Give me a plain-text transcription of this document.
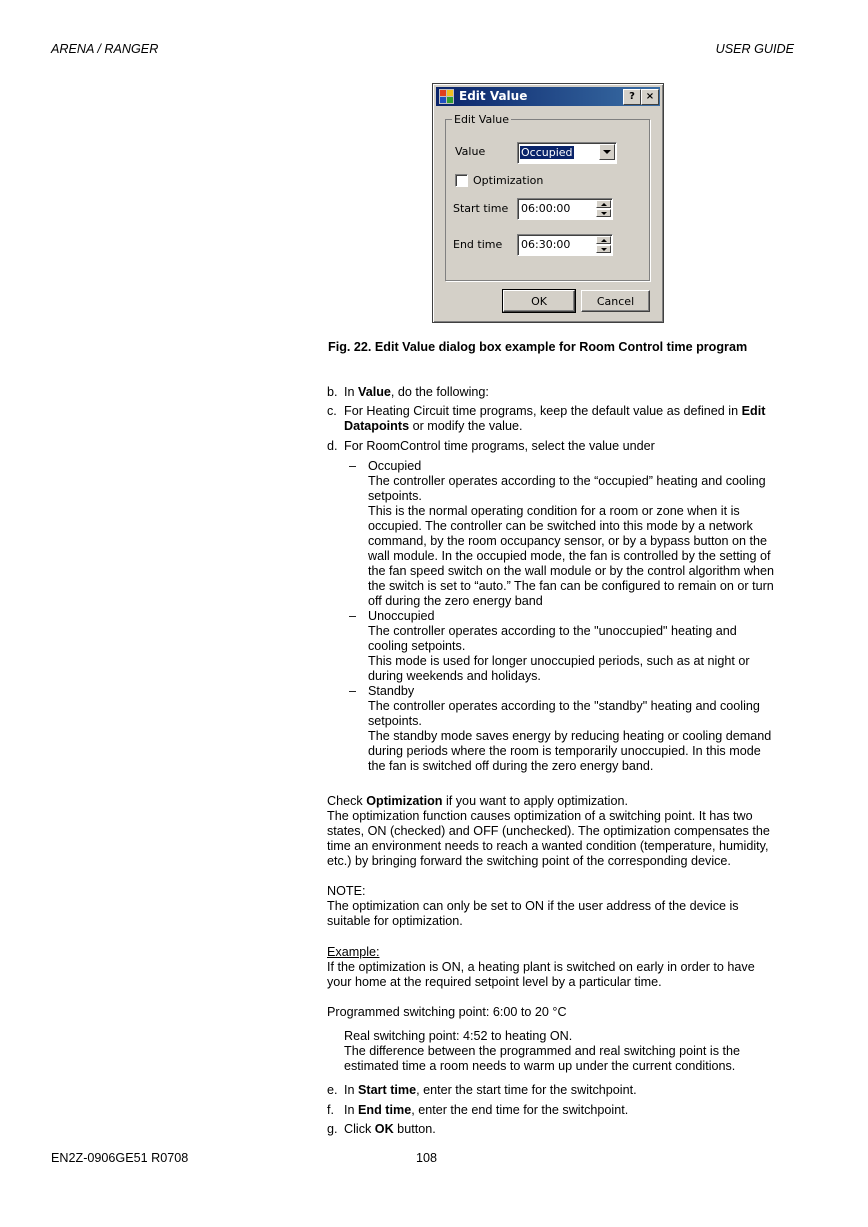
ARENA / RANGER	USER GUIDE
Edit Value	?	×
Edit Value
Value	Occupied
Optimization
Start time 06:00:00
End time 06:30:00
OK	Cancel
Fig. 22. Edit Value dialog box example for Room Control time program
b. In Value, do the following:
c. For Heating Circuit time programs, keep the default value as defined in Edit
Datapoints or modify the value.
d. For RoomControl time programs, select the value under
– Occupied
The controller operates according to the “occupied” heating and cooling
setpoints.
This is the normal operating condition for a room or zone when it is
occupied. The controller can be switched into this mode by a network
command, by the room occupancy sensor, or by a bypass button on the
wall module. In the occupied mode, the fan is controlled by the setting of
the fan speed switch on the wall module or by the control algorithm when
the switch is set to “auto.” The fan can be configured to remain on or turn
off during the zero energy band
– Unoccupied
The controller operates according to the "unoccupied" heating and
cooling setpoints.
This mode is used for longer unoccupied periods, such as at night or
during weekends and holidays.
– Standby
The controller operates according to the "standby" heating and cooling
setpoints.
The standby mode saves energy by reducing heating or cooling demand
during periods where the room is temporarily unoccupied. In this mode
the fan is switched off during the zero energy band.
Check Optimization if you want to apply optimization.
The optimization function causes optimization of a switching point. It has two
states, ON (checked) and OFF (unchecked). The optimization compensates the
time an environment needs to reach a wanted condition (temperature, humidity,
etc.) by bringing forward the switching point of the corresponding device.
NOTE:
The optimization can only be set to ON if the user address of the device is
suitable for optimization.
Example:
If the optimization is ON, a heating plant is switched on early in order to have
your home at the required setpoint level by a particular time.
Programmed switching point: 6:00 to 20 °C
Real switching point: 4:52 to heating ON.
The difference between the programmed and real switching point is the
estimated time a room needs to warm up under the current conditions.
e. In Start time, enter the start time for the switchpoint.
f. In End time, enter the end time for the switchpoint.
g. Click OK button.
EN2Z-0906GE51 R0708	108
